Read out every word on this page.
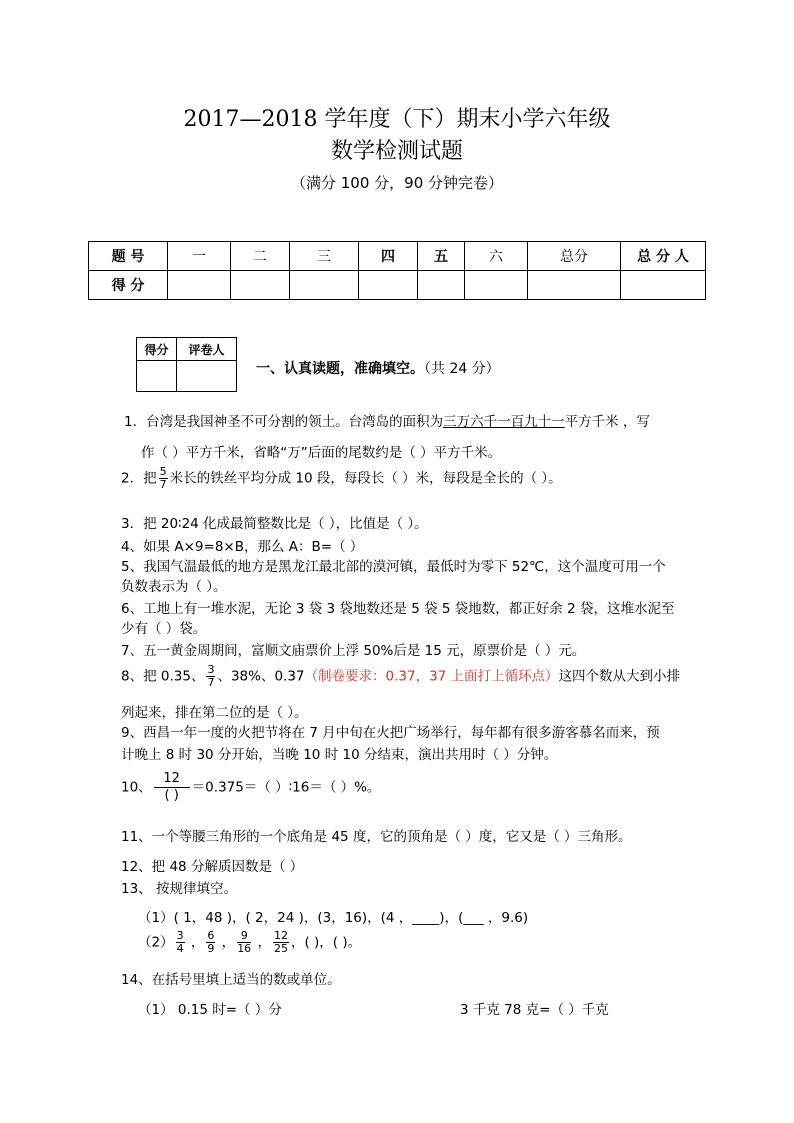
2017—2018 学年度（下）期末小学六年级
数学检测试题
（满分 100 分，90 分钟完卷）
题 号	一	二	三	四	五	六	总分	总 分 人
得 分								
得分	评卷人

一、认真读题，准确填空。（共 24 分）
1．台湾是我国神圣不可分割的领土。台湾岛的面积为三万六千一百九十一平方千米 ，写
作（ ）平方千米，省略“万”后面的尾数约是（ ）平方千米。
2．把 $\frac{5}{7}$ 米长的铁丝平均分成 10 段，每段长（ ）米，每段是全长的（ ）。
3．把 20∶24 化成最简整数比是（ ），比值是（ ）。
4、如果 A×9=8×B，那么 A：B=（ ）
5、我国气温最低的地方是黑龙江最北部的漠河镇，最低时为零下 52℃，这个温度可用一个
负数表示为（ ）。
6、工地上有一堆水泥，无论 3 袋 3 袋地数还是 5 袋 5 袋地数，都正好余 2 袋，这堆水泥至
少有（ ）袋。
7、五一黄金周期间，富顺文庙票价上浮 50%后是 15 元，原票价是（ ）元。
8、把 0.35、 $\frac{3}{7}$ 、38%、0.37（制卷要求：0.37，37 上面打上循环点）这四个数从大到小排
列起来，排在第二位的是（ ）。
9、西昌一年一度的火把节将在 7 月中旬在火把广场举行，每年都有很多游客慕名而来，预
计晚上 8 时 30 分开始，当晚 10 时 10 分结束，演出共用时（ ）分钟。
10、 $\frac{12}{( )} =0.375=$（ ）∶16＝（ ）%。
11、一个等腰三角形的一个底角是 45 度，它的顶角是（ ）度，它又是（ ）三角形。
12、把 48 分解质因数是（ ）
13、 按规律填空。
（1）( 1，48 )，( 2，24 )，(3，16)，(4 ，____)，(___ ，9.6)
$(2) \frac{3}{4}$ ， $\frac{6}{9}$ ， $\frac{9}{16}$ ， $\frac{12}{25}$ ，( )，( )。
14、在括号里填上适当的数或单位。
（1） 0.15 时=（ ）分	3 千克 78 克=（ ）千克
